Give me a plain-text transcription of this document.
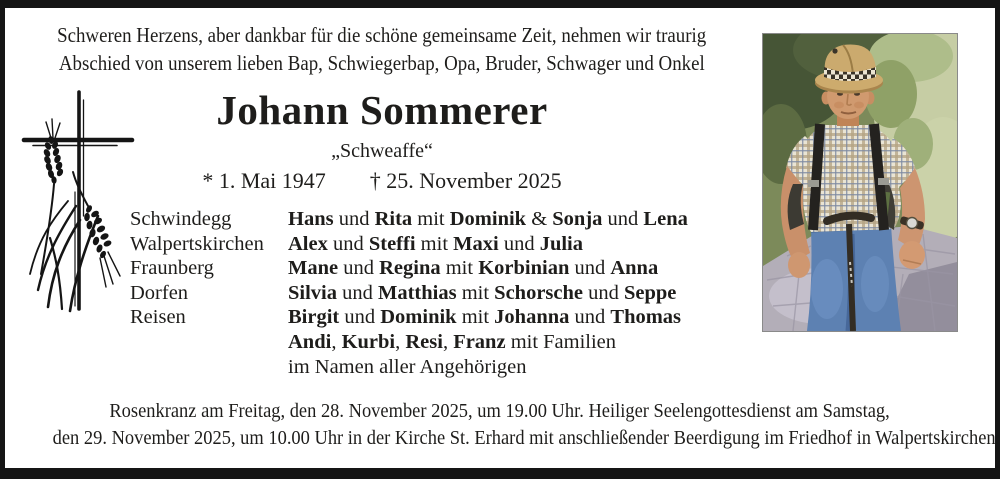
Schweren Herzens, aber dankbar für die schöne gemeinsame Zeit, nehmen wir traurig
Abschied von unserem lieben Bap, Schwiegerbap, Opa, Bruder, Schwager und Onkel
Johann Sommerer
„Schweaffe“
* 1. Mai 1947 † 25. November 2025
Schwindegg	Hans und Rita mit Dominik & Sonja und Lena
Walpertskirchen	Alex und Steffi mit Maxi und Julia
Fraunberg	Mane und Regina mit Korbinian und Anna
Dorfen	Silvia und Matthias mit Schorsche und Seppe
Reisen	Birgit und Dominik mit Johanna und Thomas
Andi, Kurbi, Resi, Franz mit Familien
im Namen aller Angehörigen
Rosenkranz am Freitag, den 28. November 2025, um 19.00 Uhr. Heiliger Seelengottesdienst am Samstag,
den 29. November 2025, um 10.00 Uhr in der Kirche St. Erhard mit anschließender Beerdigung im Friedhof in Walpertskirchen.
